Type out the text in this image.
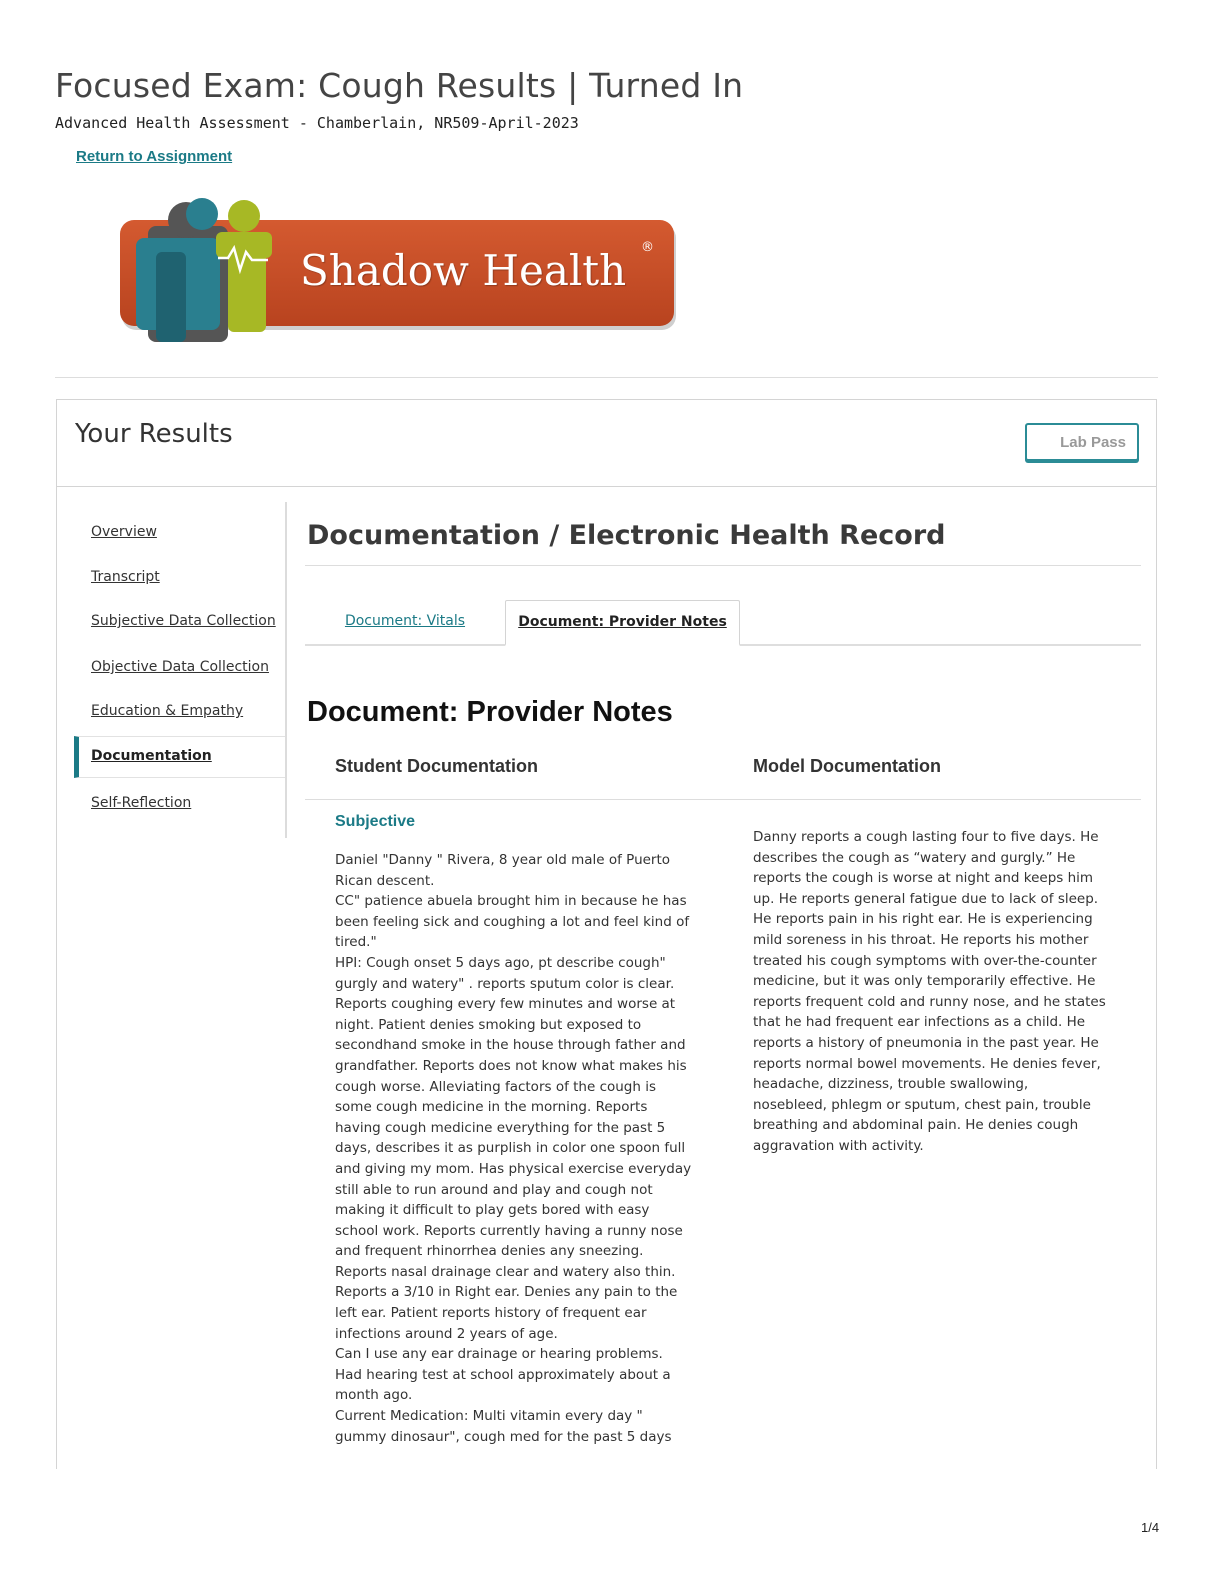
Focused Exam: Cough Results | Turned In
Advanced Health Assessment - Chamberlain, NR509-April-2023
Return to Assignment
Shadow Health ®
Your Results	Lab Pass
Overview
Transcript
Subjective Data Collection
Objective Data Collection
Education & Empathy
Documentation
Self-Reflection
Documentation / Electronic Health Record
Document: Vitals	Document: Provider Notes
Document: Provider Notes
Student Documentation	Model Documentation
Subjective

Daniel "Danny " Rivera, 8 year old male of Puerto
Rican descent.
CC" patience abuela brought him in because he has
been feeling sick and coughing a lot and feel kind of
tired."
HPI: Cough onset 5 days ago, pt describe cough"
gurgly and watery" . reports sputum color is clear.
Reports coughing every few minutes and worse at
night. Patient denies smoking but exposed to
secondhand smoke in the house through father and
grandfather. Reports does not know what makes his
cough worse. Alleviating factors of the cough is
some cough medicine in the morning. Reports
having cough medicine everything for the past 5
days, describes it as purplish in color one spoon full
and giving my mom. Has physical exercise everyday
still able to run around and play and cough not
making it difficult to play gets bored with easy
school work. Reports currently having a runny nose
and frequent rhinorrhea denies any sneezing.
Reports nasal drainage clear and watery also thin.
Reports a 3/10 in Right ear. Denies any pain to the
left ear. Patient reports history of frequent ear
infections around 2 years of age.
Can I use any ear drainage or hearing problems.
Had hearing test at school approximately about a
month ago.
Current Medication: Multi vitamin every day "
gummy dinosaur", cough med for the past 5 days

Danny reports a cough lasting four to five days. He
describes the cough as “watery and gurgly.” He
reports the cough is worse at night and keeps him
up. He reports general fatigue due to lack of sleep.
He reports pain in his right ear. He is experiencing
mild soreness in his throat. He reports his mother
treated his cough symptoms with over-the-counter
medicine, but it was only temporarily effective. He
reports frequent cold and runny nose, and he states
that he had frequent ear infections as a child. He
reports a history of pneumonia in the past year. He
reports normal bowel movements. He denies fever,
headache, dizziness, trouble swallowing,
nosebleed, phlegm or sputum, chest pain, trouble
breathing and abdominal pain. He denies cough
aggravation with activity.

1/4
